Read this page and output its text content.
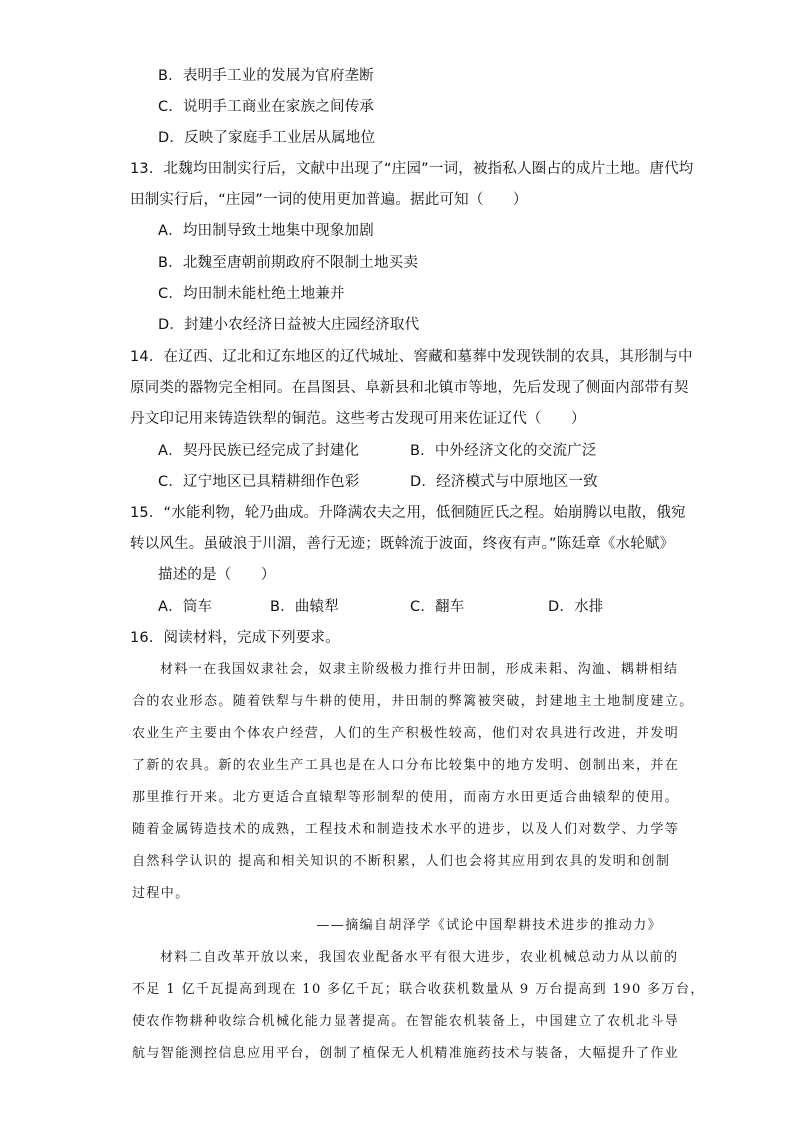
B．表明手工业的发展为官府垄断
C．说明手工商业在家族之间传承
D．反映了家庭手工业居从属地位
13．北魏均田制实行后，文献中出现了“庄园”一词，被指私人圈占的成片土地。唐代均
田制实行后，“庄园”一词的使用更加普遍。据此可知（　　）
A．均田制导致土地集中现象加剧
B．北魏至唐朝前期政府不限制土地买卖
C．均田制未能杜绝土地兼并
D．封建小农经济日益被大庄园经济取代
14．在辽西、辽北和辽东地区的辽代城址、窖藏和墓葬中发现铁制的农具，其形制与中
原同类的器物完全相同。在昌图县、阜新县和北镇市等地，先后发现了侧面内部带有契
丹文印记用来铸造铁犁的铜范。这些考古发现可用来佐证辽代（　　）
A．契丹民族已经完成了封建化	B．中外经济文化的交流广泛
C．辽宁地区已具精耕细作色彩	D．经济模式与中原地区一致
15．“水能利物，轮乃曲成。升降满农夫之用，低徊随匠氏之程。始崩腾以电散，俄宛
转以风生。虽破浪于川湄，善行无迹；既斡流于波面，终夜有声。”陈廷章《水轮赋》
描述的是（　　）
A．筒车	B．曲辕犁	C．翻车	D．水排
16．阅读材料，完成下列要求。
材料一在我国奴隶社会，奴隶主阶级极力推行井田制，形成耒耜、沟洫、耦耕相结
合的农业形态。随着铁犁与牛耕的使用，井田制的弊篱被突破，封建地主土地制度建立。
农业生产主要由个体农户经营，人们的生产积极性较高，他们对农具进行改进，并发明
了新的农具。新的农业生产工具也是在人口分布比较集中的地方发明、创制出来，并在
那里推行开来。北方更适合直辕犁等形制犁的使用，而南方水田更适合曲辕犁的使用。
随着金属铸造技术的成熟，工程技术和制造技术水平的进步，以及人们对数学、力学等
自然科学认识的 提高和相关知识的不断积累，人们也会将其应用到农具的发明和创制
过程中。
——摘编自胡泽学《试论中国犁耕技术进步的推动力》
材料二自改革开放以来，我国农业配备水平有很大进步，农业机械总动力从以前的
不足 1 亿千瓦提高到现在 10 多亿千瓦；联合收获机数量从 9 万台提高到 190 多万台，
使农作物耕种收综合机械化能力显著提高。在智能农机装备上，中国建立了农机北斗导
航与智能测控信息应用平台，创制了植保无人机精准施药技术与装备，大幅提升了作业
